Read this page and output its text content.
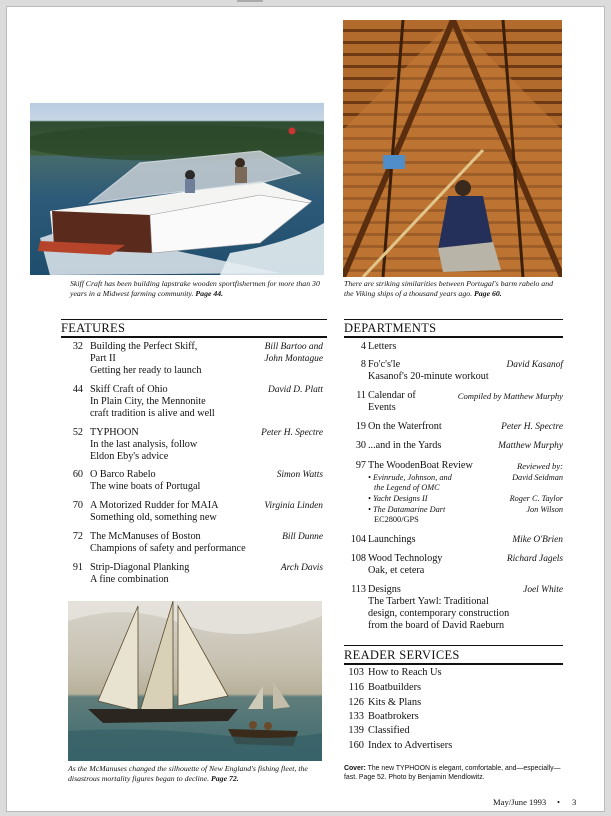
Skiff Craft has been building lapstrake wooden sportfishermen for more than 30 years in a Midwest farming community. Page 44.
There are striking similarities between Portugal's barm rabelo and the Viking ships of a thousand years ago. Page 60.
FEATURES
32 Building the Perfect Skiff,
Part II
Getting her ready to launch
Bill Bartoo and
John Montague
44 Skiff Craft of Ohio
In Plain City, the Mennonite
craft tradition is alive and well
David D. Platt
52 TYPHOON
In the last analysis, follow
Eldon Eby's advice
Peter H. Spectre
60 O Barco Rabelo
The wine boats of Portugal
Simon Watts
70 A Motorized Rudder for MAIA
Something old, something new
Virginia Linden
72 The McManuses of Boston
Champions of safety and performance
Bill Dunne
91 Strip-Diagonal Planking
A fine combination
Arch Davis
As the McManuses changed the silhouette of New England's fishing fleet, the disastrous mortality figures began to decline. Page 72.
DEPARTMENTS
4 Letters
8 Fo'c's'le
Kasanof's 20-minute workout
David Kasanof
11 Calendar of
Events
Compiled by Matthew Murphy
19 On the Waterfront	Peter H. Spectre
30 ...and in the Yards	Matthew Murphy
97 The WoodenBoat Review	Reviewed by:
• Evinrude, Johnson, and
the Legend of OMC
David Seidman
• Yacht Designs II	Roger C. Taylor
• The Datamarine Dart
EC2800/GPS
Jon Wilson
104 Launchings	Mike O'Brien
108 Wood Technology
Oak, et cetera
Richard Jagels
113 Designs
The Tarbert Yawl: Traditional
design, contemporary construction
from the board of David Raeburn
Joel White
READER SERVICES
103 How to Reach Us
116 Boatbuilders
126 Kits & Plans
133 Boatbrokers
139 Classified
160 Index to Advertisers
Cover: The new TYPHOON is elegant, comfortable, and—especially—fast. Page 52. Photo by Benjamin Mendlowitz.
May/June 1993 • 3
